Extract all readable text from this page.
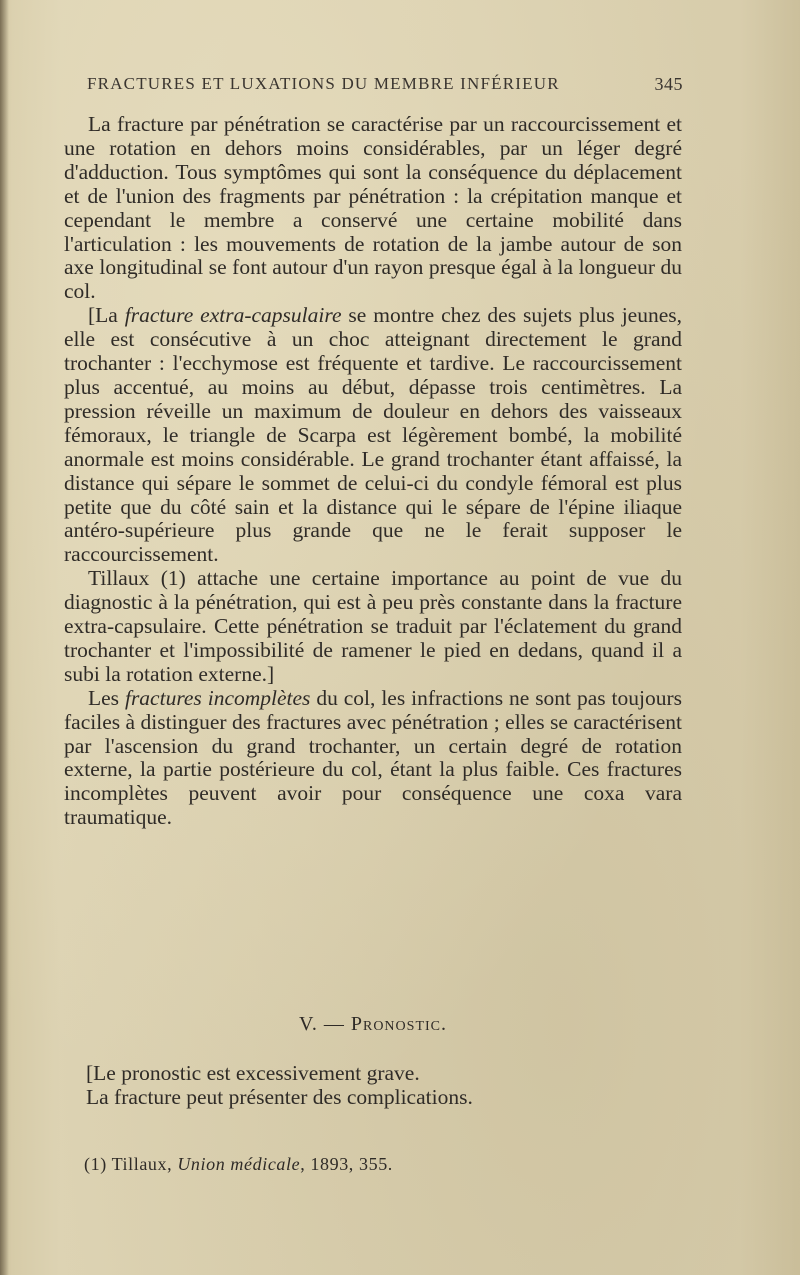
FRACTURES ET LUXATIONS DU MEMBRE INFÉRIEUR	345

La fracture par pénétration se caractérise par un raccourcissement et une rotation en dehors moins considérables, par un léger degré d'adduction. Tous symptômes qui sont la conséquence du déplacement et de l'union des fragments par pénétration : la crépitation manque et cependant le membre a conservé une certaine mobilité dans l'articulation : les mouvements de rotation de la jambe autour de son axe longitudinal se font autour d'un rayon presque égal à la longueur du col.

[La fracture extra-capsulaire se montre chez des sujets plus jeunes, elle est consécutive à un choc atteignant directement le grand trochanter : l'ecchymose est fréquente et tardive. Le raccourcissement plus accentué, au moins au début, dépasse trois centimètres. La pression réveille un maximum de douleur en dehors des vaisseaux fémoraux, le triangle de Scarpa est légèrement bombé, la mobilité anormale est moins considérable. Le grand trochanter étant affaissé, la distance qui sépare le sommet de celui-ci du condyle fémoral est plus petite que du côté sain et la distance qui le sépare de l'épine iliaque antéro-supérieure plus grande que ne le ferait supposer le raccourcissement.

Tillaux (1) attache une certaine importance au point de vue du diagnostic à la pénétration, qui est à peu près constante dans la fracture extra-capsulaire. Cette pénétration se traduit par l'éclatement du grand trochanter et l'impossibilité de ramener le pied en dedans, quand il a subi la rotation externe.]

Les fractures incomplètes du col, les infractions ne sont pas toujours faciles à distinguer des fractures avec pénétration ; elles se caractérisent par l'ascension du grand trochanter, un certain degré de rotation externe, la partie postérieure du col, étant la plus faible. Ces fractures incomplètes peuvent avoir pour conséquence une coxa vara traumatique.

V. — Pronostic.

[Le pronostic est excessivement grave.

La fracture peut présenter des complications.

(1) Tillaux, Union médicale, 1893, 355.
